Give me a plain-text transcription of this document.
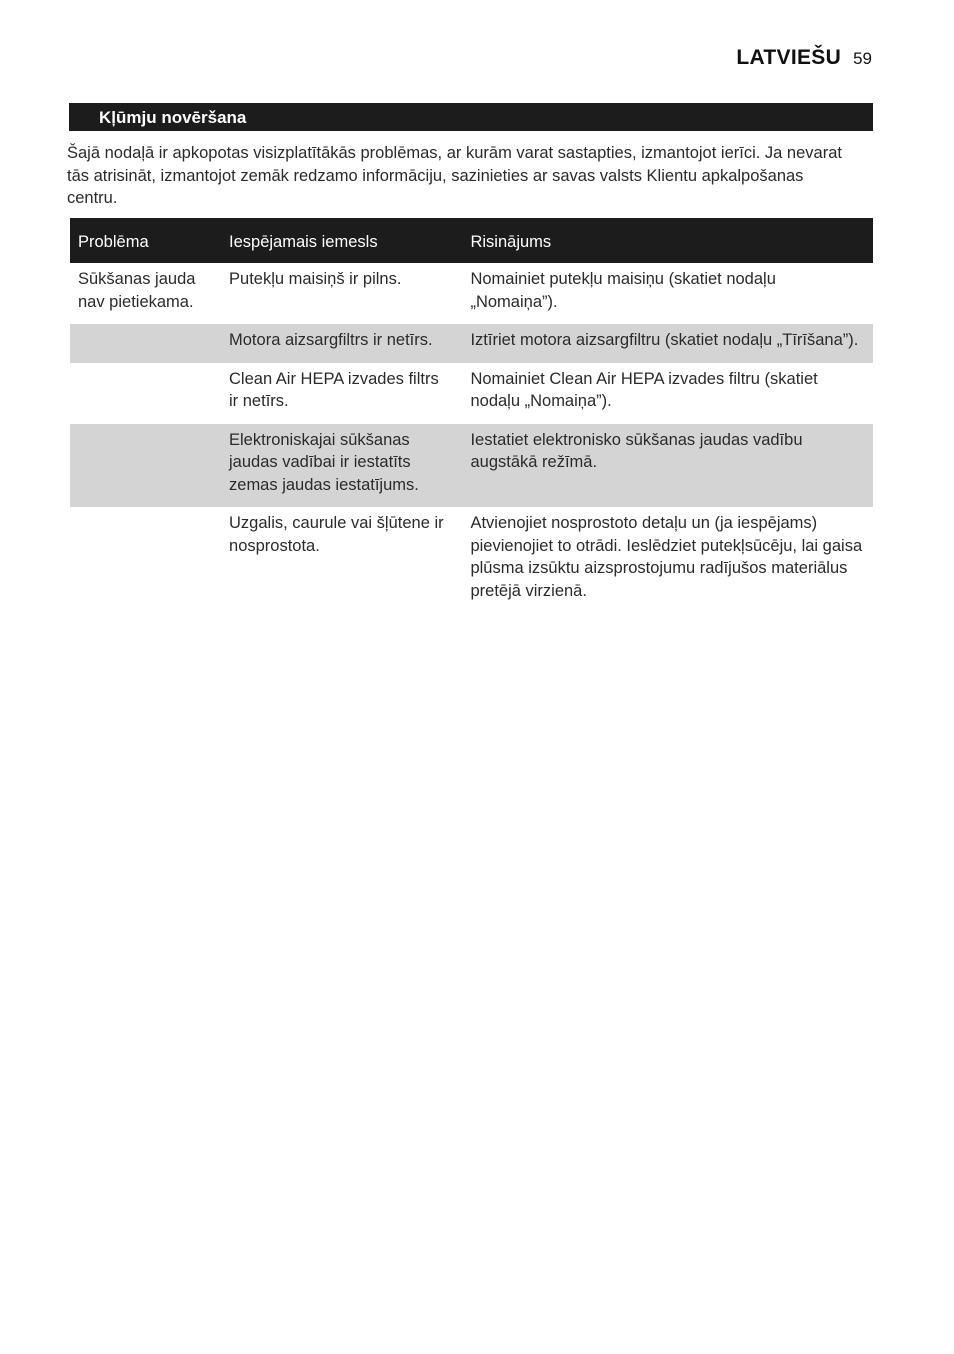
LATVIEŠU 59
Kļūmju novēršana

Šajā nodaļā ir apkopotas visizplatītākās problēmas, ar kurām varat sastapties, izmantojot ierīci. Ja nevarat tās atrisināt, izmantojot zemāk redzamo informāciju, sazinieties ar savas valsts Klientu apkalpošanas centru.

Problēma	Iespējamais iemesls	Risinājums
Sūkšanas jauda nav pietiekama.	Putekļu maisiņš ir pilns.	Nomainiet putekļu maisiņu (skatiet nodaļu „Nomaiņa”).
	Motora aizsargfiltrs ir netīrs.	Iztīriet motora aizsargfiltru (skatiet nodaļu „Tīrīšana”).
	Clean Air HEPA izvades filtrs ir netīrs.	Nomainiet Clean Air HEPA izvades filtru (skatiet nodaļu „Nomaiņa”).
	Elektroniskajai sūkšanas jaudas vadībai ir iestatīts zemas jaudas iestatījums.	Iestatiet elektronisko sūkšanas jaudas vadību augstākā režīmā.
	Uzgalis, caurule vai šļūtene ir nosprostota.	Atvienojiet nosprostoto detaļu un (ja iespējams) pievienojiet to otrādi. Ieslēdziet putekļsūcēju, lai gaisa plūsma izsūktu aizsprostojumu radījušos materiālus pretējā virzienā.
